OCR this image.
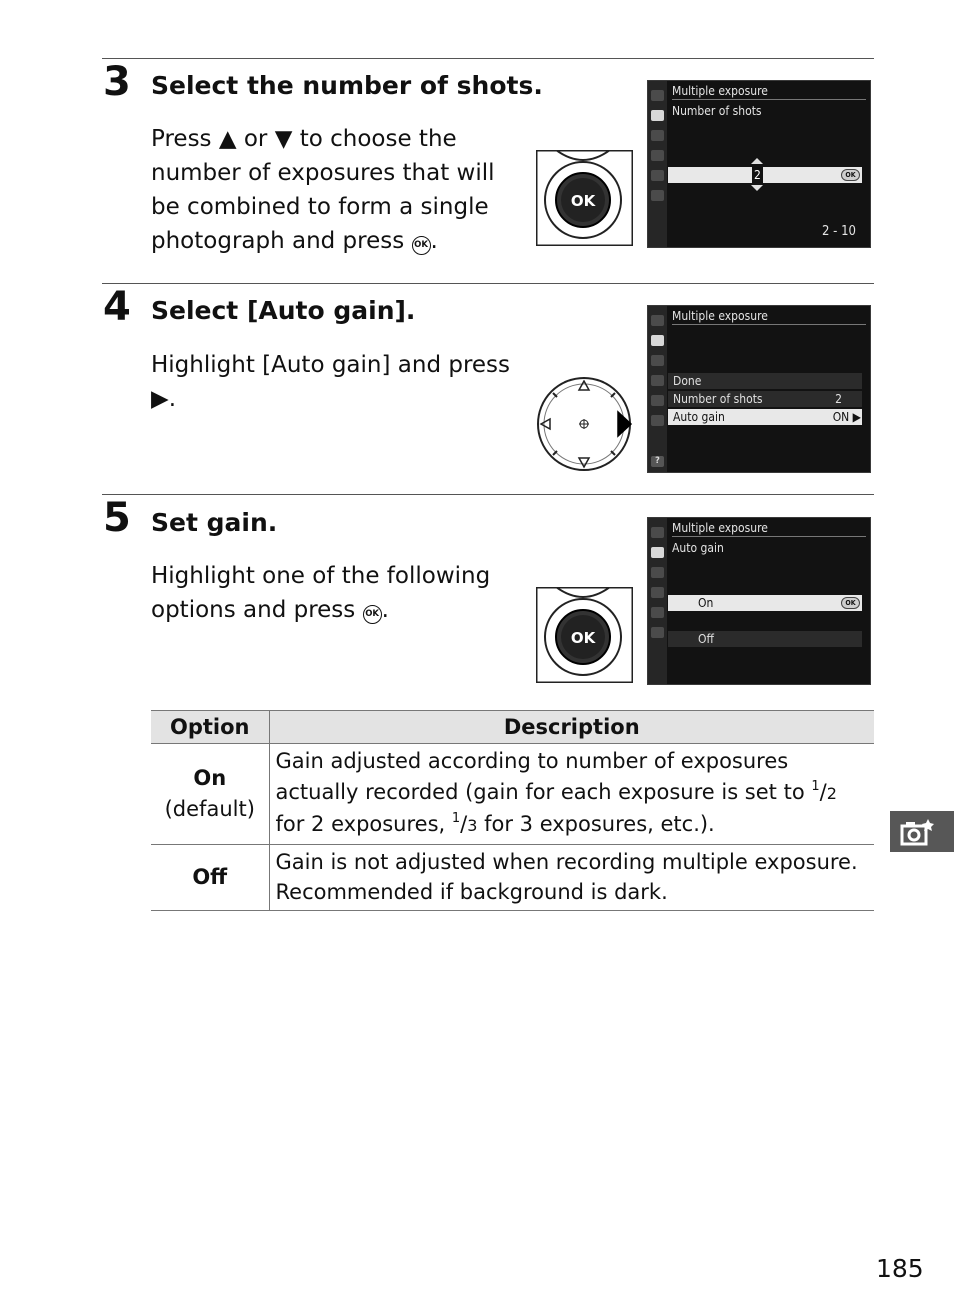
3 Select the number of shots.
Press ▲ or ▼ to choose the number of exposures that will be combined to form a single photograph and press OK .
OK
Multiple exposure
Number of shots
2	OK
2 - 10
4 Select [Auto gain].
Highlight [Auto gain] and press ▶.
?
Multiple exposure
Done
Number of shots	2
Auto gain	ON ▶
5 Set gain.
Highlight one of the following options and press OK .
OK
Multiple exposure
Auto gain
On	OK
Off
Option	Description

On
(default)	Gain adjusted according to number of exposures actually recorded (gain for each exposure is set to $^1$/2 for 2 exposures, $^1$/3 for 3 exposures, etc.).

Off	Gain is not adjusted when recording multiple exposure. Recommended if background is dark.
185
